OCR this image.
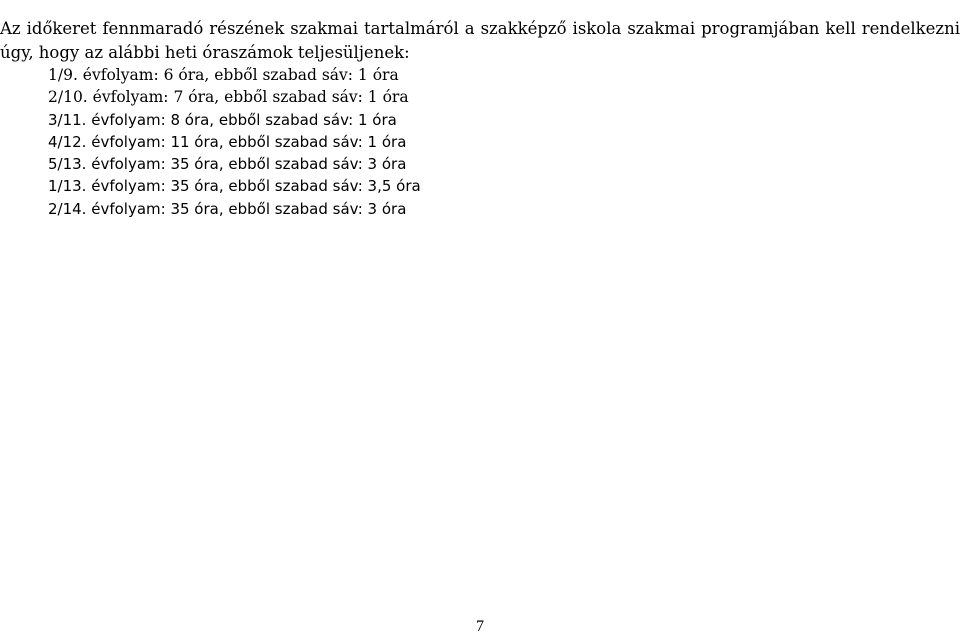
Az időkeret fennmaradó részének szakmai tartalmáról a szakképző iskola szakmai programjában kell rendelkezni úgy, hogy az alábbi heti óraszámok teljesüljenek:

1/9. évfolyam: 6 óra, ebből szabad sáv: 1 óra
2/10. évfolyam: 7 óra, ebből szabad sáv: 1 óra
3/11. évfolyam: 8 óra, ebből szabad sáv: 1 óra
4/12. évfolyam: 11 óra, ebből szabad sáv: 1 óra
5/13. évfolyam: 35 óra, ebből szabad sáv: 3 óra
1/13. évfolyam: 35 óra, ebből szabad sáv: 3,5 óra
2/14. évfolyam: 35 óra, ebből szabad sáv: 3 óra
7
